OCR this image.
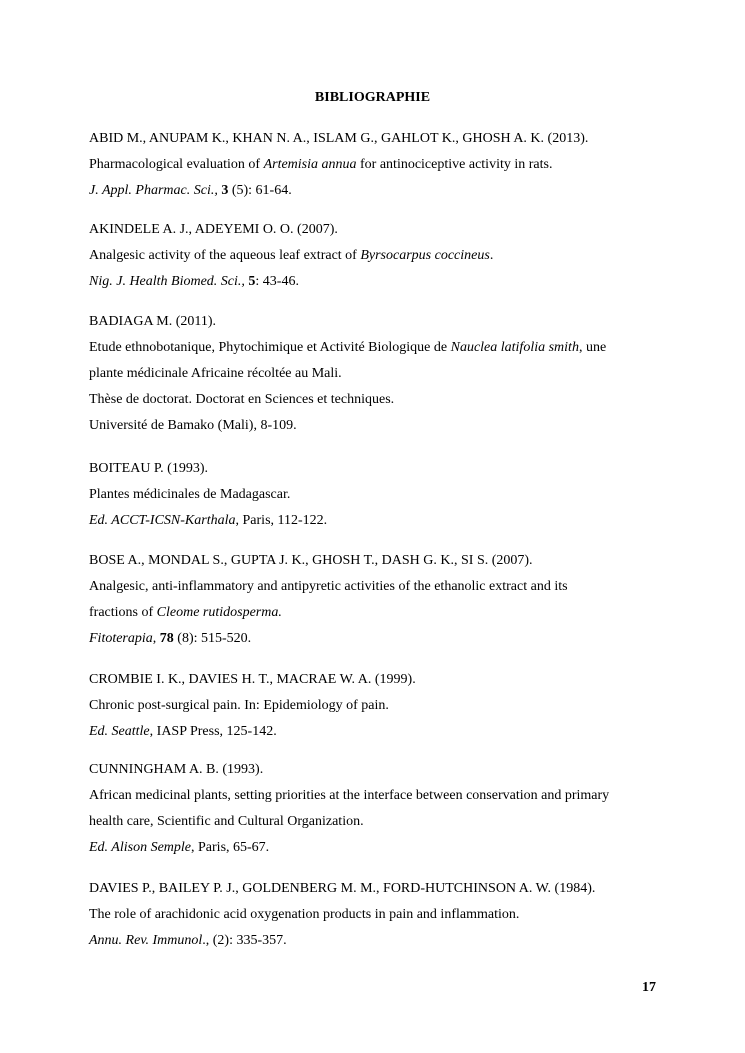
BIBLIOGRAPHIE
ABID M., ANUPAM K., KHAN N. A., ISLAM G., GAHLOT K., GHOSH A. K. (2013).
Pharmacological evaluation of Artemisia annua for antinociceptive activity in rats.
J. Appl. Pharmac. Sci., 3 (5): 61-64.
AKINDELE A. J., ADEYEMI O. O. (2007).
Analgesic activity of the aqueous leaf extract of Byrsocarpus coccineus.
Nig. J. Health Biomed. Sci., 5: 43-46.
BADIAGA M. (2011).
Etude ethnobotanique, Phytochimique et Activité Biologique de Nauclea latifolia smith, une
plante médicinale Africaine récoltée au Mali.
Thèse de doctorat. Doctorat en Sciences et techniques.
Université de Bamako (Mali), 8-109.
BOITEAU P. (1993).
Plantes médicinales de Madagascar.
Ed. ACCT-ICSN-Karthala, Paris, 112-122.
BOSE A., MONDAL S., GUPTA J. K., GHOSH T., DASH G. K., SI S. (2007).
Analgesic, anti-inflammatory and antipyretic activities of the ethanolic extract and its
fractions of Cleome rutidosperma.
Fitoterapia, 78 (8): 515-520.
CROMBIE I. K., DAVIES H. T., MACRAE W. A. (1999).
Chronic post-surgical pain. In: Epidemiology of pain.
Ed. Seattle, IASP Press, 125-142.
CUNNINGHAM A. B. (1993).
African medicinal plants, setting priorities at the interface between conservation and primary
health care, Scientific and Cultural Organization.
Ed. Alison Semple, Paris, 65-67.
DAVIES P., BAILEY P. J., GOLDENBERG M. M., FORD-HUTCHINSON A. W. (1984).
The role of arachidonic acid oxygenation products in pain and inflammation.
Annu. Rev. Immunol., (2): 335-357.
17
